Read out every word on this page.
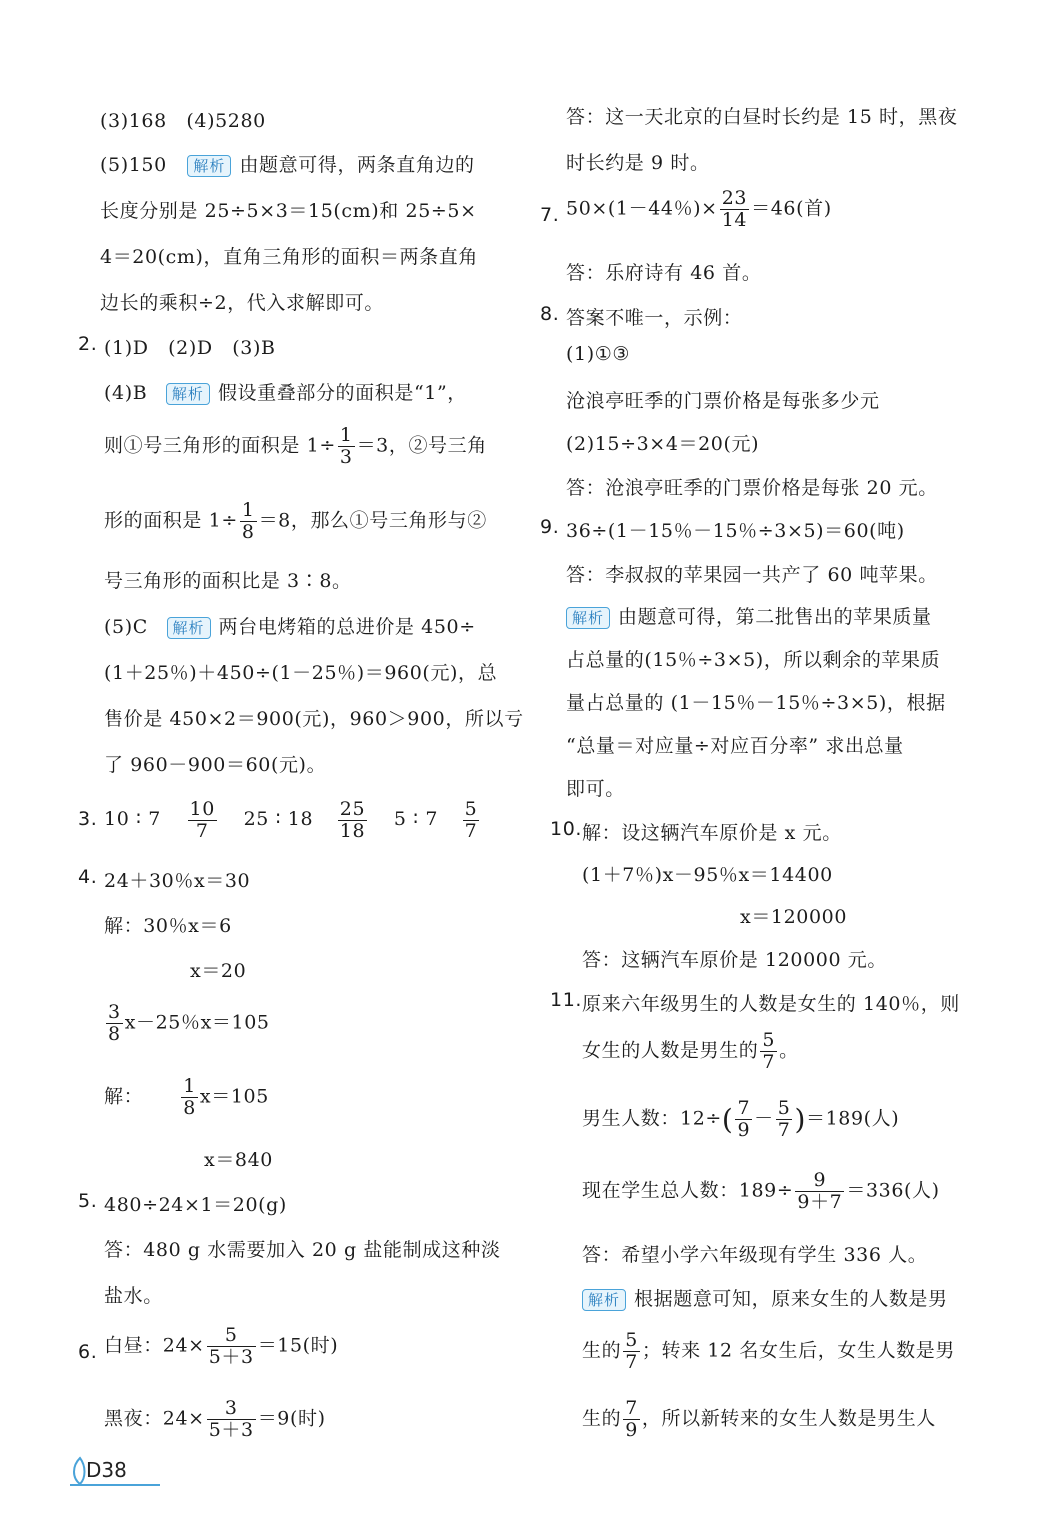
(3)168　(4)5280
(5)150 解析 由题意可得，两条直角边的
长度分别是 25÷5×3＝15(cm)和 25÷5×
4＝20(cm)，直角三角形的面积＝两条直角
边长的乘积÷2，代入求解即可。
2. (1)D　(2)D　(3)B
(4)B 解析 假设重叠部分的面积是“1”，
则①号三角形的面积是 $1\div \frac{1}{3} =3$，②号三角
形的面积是 $1\div \frac{1}{8} =8$，那么①号三角形与②
号三角形的面积比是 3∶8。
(5)C 解析 两台电烤箱的总进价是 450÷
(1＋25％)＋450÷(1－25％)＝960(元)，总
售价是 450×2＝900(元)，960＞900，所以亏
了 960－900＝60(元)。
3. 10 ∶ $7 \frac{10}{7} 25$ ∶ $18 \frac{25}{18} 5$ ∶ $7 \frac{5}{7}$
4. 24＋30％x＝30
解：30％x＝6
x＝20
$\frac{3}{8} x-25$％x＝105
解： $\frac{1}{8} x=105$
x＝840
5. 480÷24×1＝20(g)
答：480 g 水需要加入 20 g 盐能制成这种淡
盐水。
6. 白昼：$24\times \frac{5}{5+3} =15$(时)
黑夜：$24\times \frac{3}{5+3} =9$(时)
答：这一天北京的白昼时长约是 15 时，黑夜
时长约是 9 时。
7. 50×(1－44％)× $\frac{23}{14} =46$(首)
答：乐府诗有 46 首。
8. 答案不唯一，示例：
(1)①③
沧浪亭旺季的门票价格是每张多少元
(2)15÷3×4＝20(元)
答：沧浪亭旺季的门票价格是每张 20 元。
9. 36÷(1－15％－15％÷3×5)＝60(吨)
答：李叔叔的苹果园一共产了 60 吨苹果。
解析 由题意可得，第二批售出的苹果质量
占总量的(15％÷3×5)，所以剩余的苹果质
量占总量的 (1－15％－15％÷3×5)，根据
“总量＝对应量÷对应百分率” 求出总量
即可。
10. 解：设这辆汽车原价是 x 元。
(1＋7％)x－95％x＝14400
x＝120000
答：这辆汽车原价是 120000 元。
11. 原来六年级男生的人数是女生的 140％，则
女生的人数是男生的 $\frac{5}{7}$ 。
男生人数：$12\div( \frac{7}{9} - \frac{5}{7} )=189$(人)
现在学生总人数：$189\div \frac{9}{9+7} =336$(人)
答：希望小学六年级现有学生 336 人。
解析 根据题意可知，原来女生的人数是男
生的 $\frac{5}{7}$ ；转来 12 名女生后，女生人数是男
生的 $\frac{7}{9}$ ，所以新转来的女生人数是男生人
D38
